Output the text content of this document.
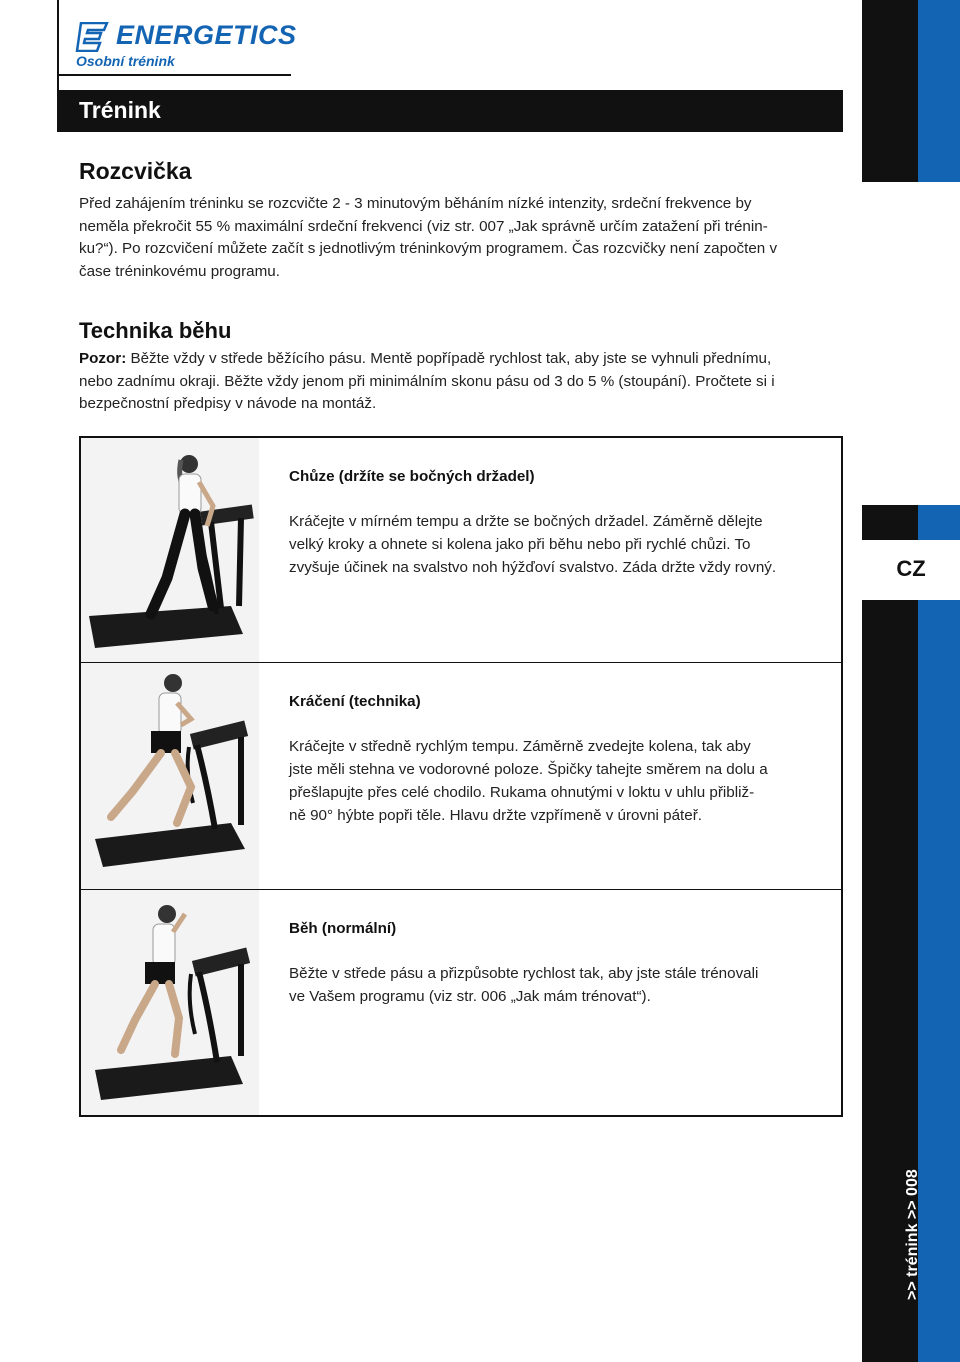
ENERGETICS
Osobní trénink
Trénink
CZ
>> trénink >> 008
Rozcvička
Před zahájením tréninku se rozcvičte 2 - 3 minutovým běháním nízké intenzity, srdeční frekvence by
neměla překročit 55 % maximální srdeční frekvenci (viz str. 007 „Jak správně určím zatažení při trénin-
ku?“). Po rozcvičení můžete začít s jednotlivým tréninkovým programem. Čas rozcvičky není započten v
čase tréninkovému programu.
Technika běhu
Pozor: Běžte vždy v střede běžícího pásu. Mentě popřípadě rychlost tak, aby jste se vyhnuli přednímu,
nebo zadnímu okraji. Běžte vždy jenom při minimálním skonu pásu od 3 do 5 % (stoupání). Pročtete si i
bezpečnostní předpisy v návode na montáž.
Chůze (držíte se bočných držadel)
Kráčejte v mírném tempu a držte se bočných držadel. Záměrně dělejte
velký kroky a ohnete si kolena jako při běhu nebo při rychlé chůzi. To
zvyšuje účinek na svalstvo noh hýžďoví svalstvo. Záda držte vždy rovný.
Kráčení (technika)
Kráčejte v středně rychlým tempu. Záměrně zvedejte kolena, tak aby
jste měli stehna ve vodorovné poloze. Špičky tahejte směrem na dolu a
přešlapujte přes celé chodilo. Rukama ohnutými v loktu v uhlu přibliž-
ně 90° hýbte popři těle. Hlavu držte vzpřímeně v úrovni páteř.
Běh (normální)
Běžte v střede pásu a přizpůsobte rychlost tak, aby jste stále trénovali
ve Vašem programu (viz str. 006 „Jak mám trénovat“).
